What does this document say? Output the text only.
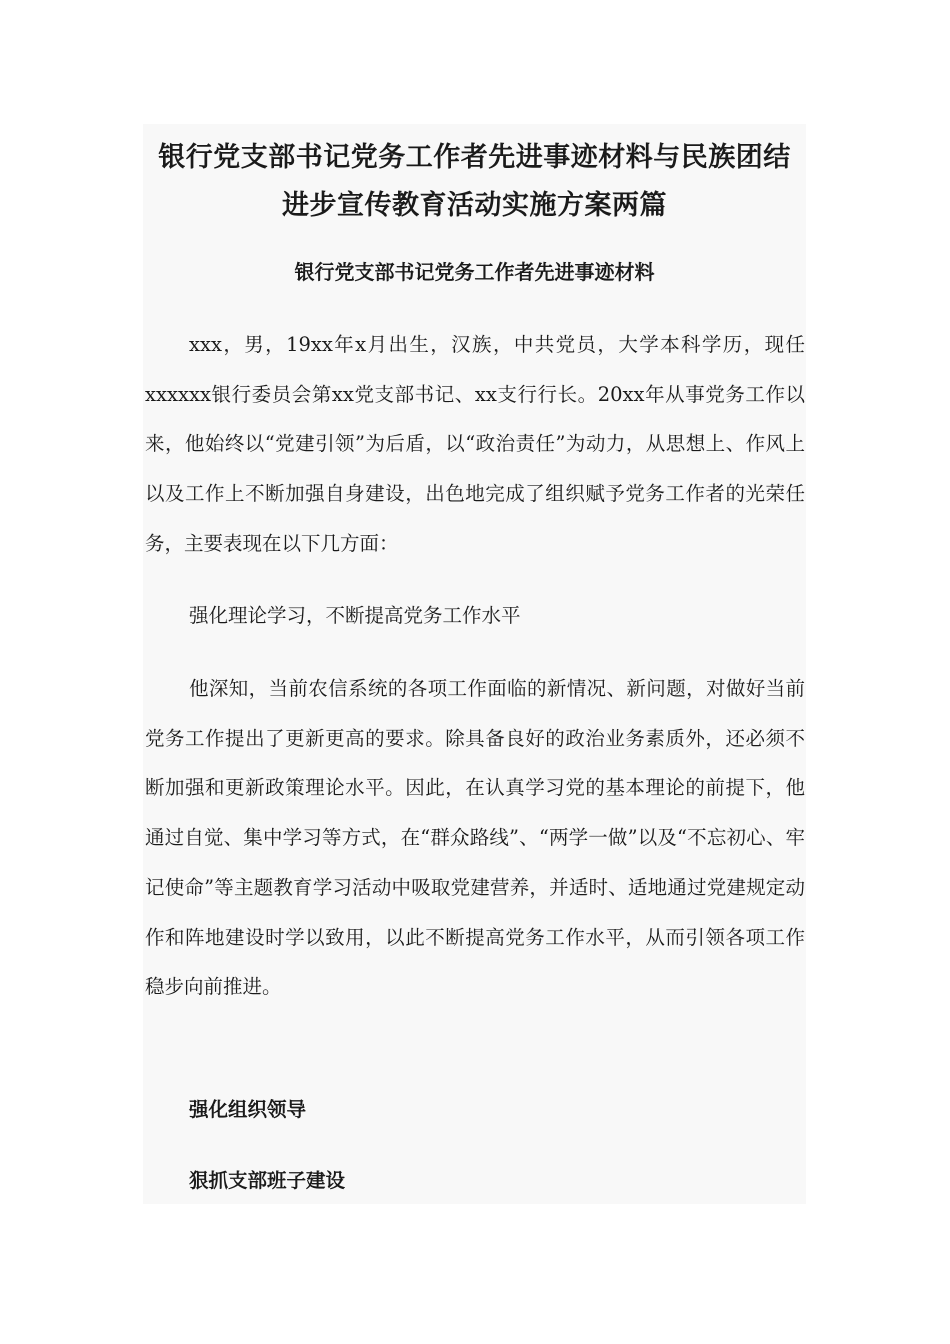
银行党支部书记党务工作者先进事迹材料与民族团结
进步宣传教育活动实施方案两篇
银行党支部书记党务工作者先进事迹材料

xxx，男，19xx年x月出生，汉族，中共党员，大学本科学历，现任xxxxxx银行委员会第xx党支部书记、xx支行行长。20xx年从事党务工作以来，他始终以“党建引领”为后盾，以“政治责任”为动力，从思想上、作风上以及工作上不断加强自身建设，出色地完成了组织赋予党务工作者的光荣任务，主要表现在以下几方面：

强化理论学习，不断提高党务工作水平

他深知，当前农信系统的各项工作面临的新情况、新问题，对做好当前党务工作提出了更新更高的要求。除具备良好的政治业务素质外，还必须不断加强和更新政策理论水平。因此，在认真学习党的基本理论的前提下，他通过自觉、集中学习等方式，在“群众路线”、“两学一做”以及“不忘初心、牢记使命”等主题教育学习活动中吸取党建营养，并适时、适地通过党建规定动作和阵地建设时学以致用，以此不断提高党务工作水平，从而引领各项工作稳步向前推进。

强化组织领导
狠抓支部班子建设
